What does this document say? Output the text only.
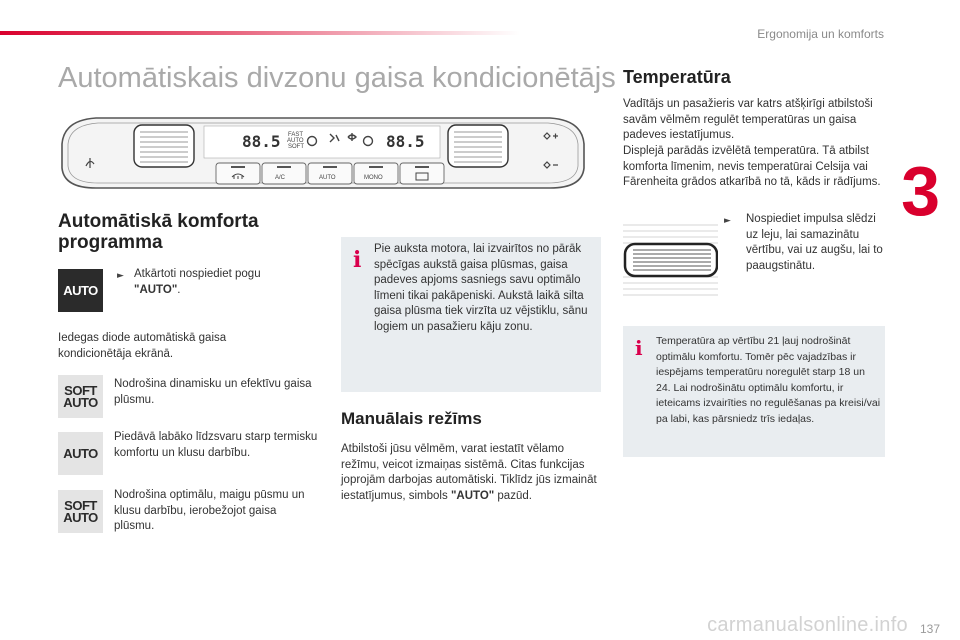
Ergonomija un komforts
Automātiskais divzonu gaisa kondicionētājs
3
88.5 FAST
AUTO
SOFT	88.5
A/C	AUTO	MONO
Automātiskā komforta programma
AUTO
► Atkārtoti nospiediet pogu "AUTO".
Iedegas diode automātiskā gaisa kondicionētāja ekrānā.
SOFT AUTO
Nodrošina dinamisku un efektīvu gaisa plūsmu.
AUTO
Piedāvā labāko līdzsvaru starp termisku komfortu un klusu darbību.
SOFT AUTO
Nodrošina optimālu, maigu pūsmu un klusu darbību, ierobežojot gaisa plūsmu.
i Pie auksta motora, lai izvairītos no pārāk spēcīgas aukstā gaisa plūsmas, gaisa padeves apjoms sasniegs savu optimālo līmeni tikai pakāpeniski. Aukstā laikā silta gaisa plūsma tiek virzīta uz vējstiklu, sānu logiem un pasažieru kāju zonu.
Manuālais režīms
Atbilstoši jūsu vēlmēm, varat iestatīt vēlamo režīmu, veicot izmaiņas sistēmā. Citas funkcijas joprojām darbojas automātiski. Tiklīdz jūs izmaināt iestatījumus, simbols "AUTO" pazūd.
Temperatūra
Vadītājs un pasažieris var katrs atšķirīgi atbilstoši savām vēlmēm regulēt temperatūras un gaisa padeves iestatījumus.
Displejā parādās izvēlētā temperatūra. Tā atbilst komforta līmenim, nevis temperatūrai Celsija vai Fārenheita grādos atkarībā no tā, kāds ir rādījums.
► Nospiediet impulsa slēdzi uz leju, lai samazinātu vērtību, vai uz augšu, lai to paaugstinātu.
i Temperatūra ap vērtību 21 ļauj nodrošināt optimālu komfortu. Tomēr pēc vajadzības ir iespējams temperatūru noregulēt starp 18 un 24. Lai nodrošinātu optimālu komfortu, ir ieteicams izvairīties no regulēšanas pa kreisi/vai pa labi, kas pārsniedz trīs iedaļas.
carmanualsonline.info 137
